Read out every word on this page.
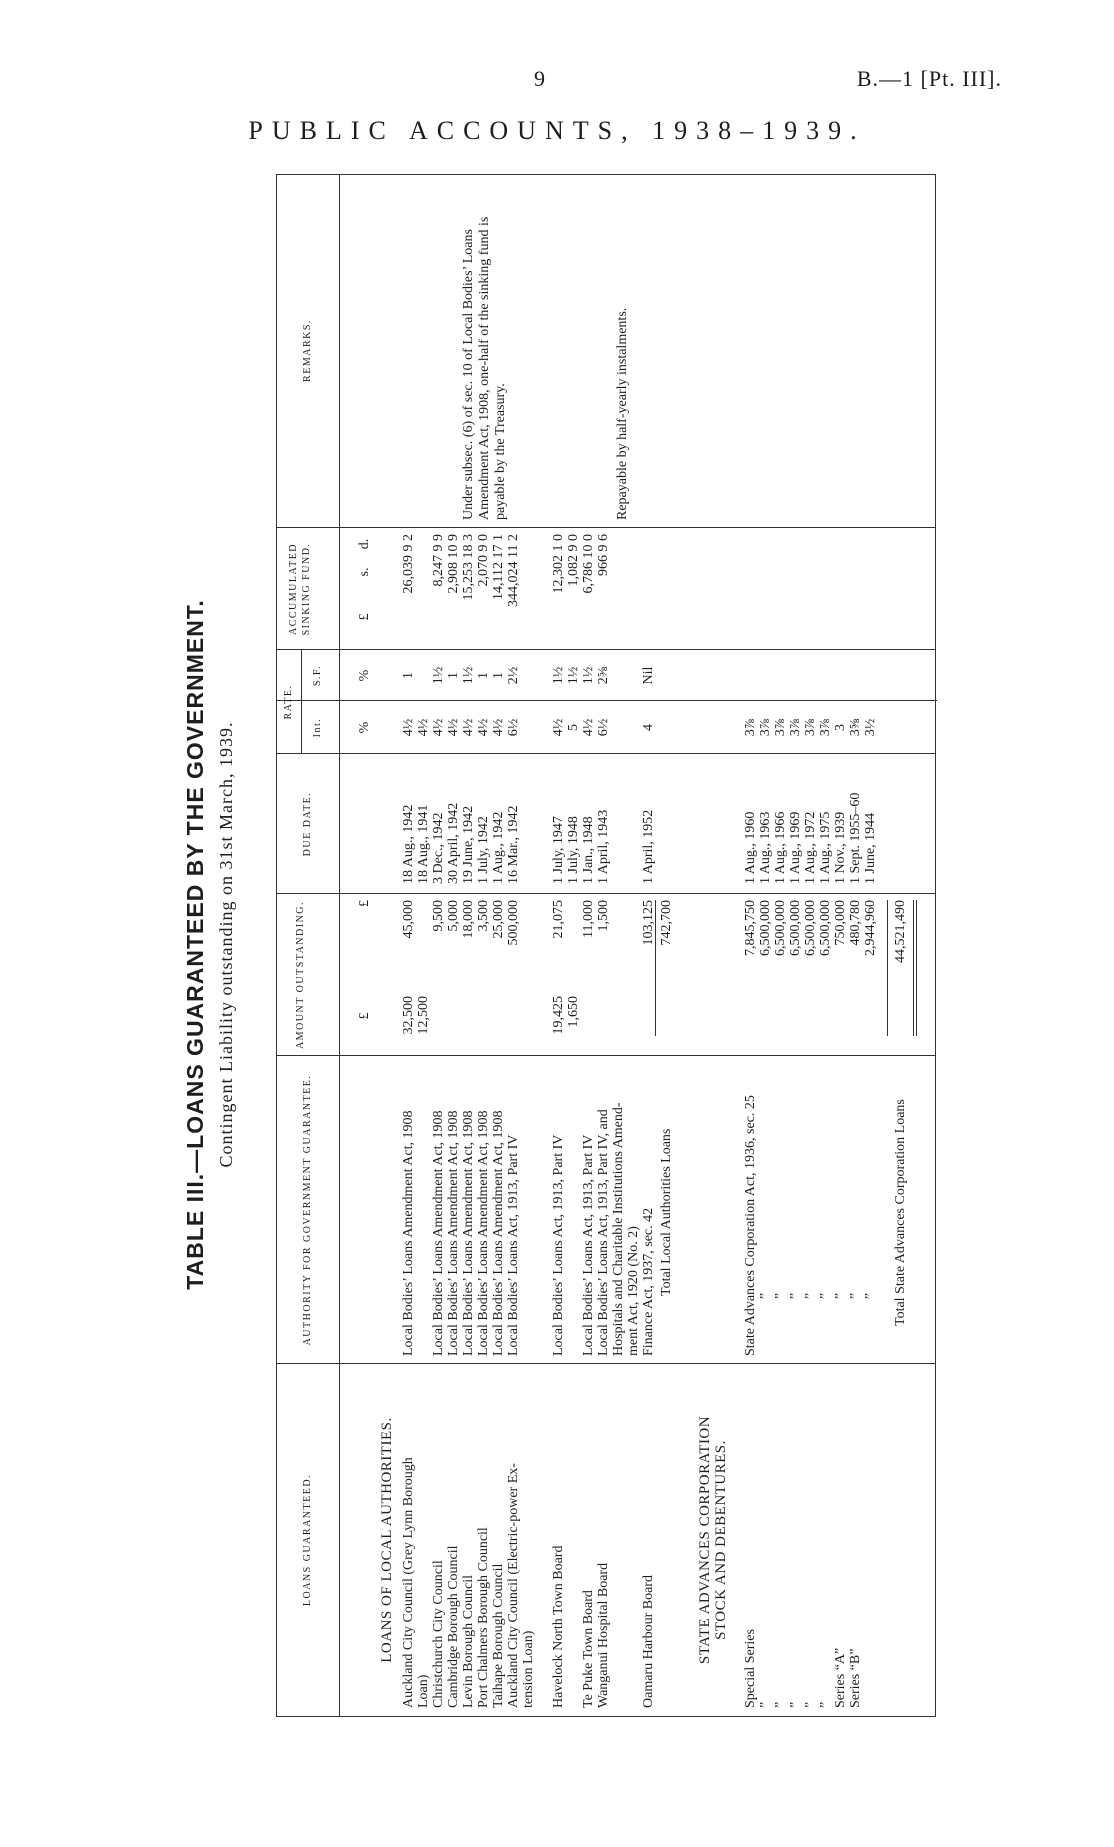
9	B.—1 [Pt. III].
PUBLIC ACCOUNTS, 1938–1939.
TABLE III.—LOANS GUARANTEED BY THE GOVERNMENT. Contingent Liability outstanding on 31st March, 1939.
LOANS GUARANTEED.
AUTHORITY FOR GOVERNMENT GUARANTEE.
AMOUNT OUTSTANDING.
DUE DATE.
RATE.
Int.
S.F.
ACCUMULATED SINKING FUND.
REMARKS.
£
£
%
%
£
s.
d.
LOANS OF LOCAL AUTHORITIES. Auckland City Council (Grey Lynn Borough
Local Bodies’ Loans Amendment Act, 1908
32,500
45,000
18 Aug., 1942
4½
1
26,039 9 2
Loan)
12,500
18 Aug., 1941
4½
Christchurch City Council
Local Bodies’ Loans Amendment Act, 1908
9,500
3 Dec., 1942
4½
1½
8,247 9 9
Cambridge Borough Council
Local Bodies’ Loans Amendment Act, 1908
5,000
30 April, 1942
4½
1
2,908 10 9
Levin Borough Council
Local Bodies’ Loans Amendment Act, 1908
18,000
19 June, 1942
4½
1½
15,253 18 3
Port Chalmers Borough Council
Local Bodies’ Loans Amendment Act, 1908
3,500
1 July, 1942
4½
1
2,070 9 0
Taihape Borough Council
Local Bodies’ Loans Amendment Act, 1908
25,000
1 Aug., 1942
4½
1
14,112 17 1
Auckland City Council (Electric-power Ex-
Local Bodies’ Loans Act, 1913, Part IV
500,000
16 Mar., 1942
6½
2½
344,024 11 2
tension Loan) Havelock North Town Board
Local Bodies’ Loans Act, 1913, Part IV
19,425
21,075
1 July, 1947
4½
1½
12,302 1 0
1,650
1 July, 1948
5
1½
1,082 9 0
Te Puke Town Board
Local Bodies’ Loans Act, 1913, Part IV
11,000
1 Jan., 1948
4½
1½
6,786 10 0
Wanganui Hospital Board
Local Bodies’ Loans Act, 1913, Part IV, and
1,500
1 April, 1943
6½
2⅝
966 9 6
Hospitals and Charitable Institutions Amend- ment Act, 1920 (No. 2)
Oamaru Harbour Board
Finance Act, 1937, sec. 42
103,125
1 April, 1952
4
Nil
Under subsec. (6) of sec. 10 of Local Bodies’ Loans Amendment Act, 1908, one-half of the sinking fund is payable by the Treasury.	Repayable by half-yearly instalments.
Total Local Authorities Loans
742,700
STATE ADVANCES CORPORATION STOCK AND DEBENTURES.
Special Series
State Advances Corporation Act, 1936, sec. 25
7,845,750
1 Aug., 1960
3⅞
”
”
6,500,000
1 Aug., 1963
3⅞
”
”
6,500,000
1 Aug., 1966
3⅞
”
”
6,500,000
1 Aug., 1969
3⅞
”
”
6,500,000
1 Aug., 1972
3⅞
”
”
6,500,000
1 Aug., 1975
3⅞
Series “A”
”
750,000
1 Nov., 1939
3
Series “B”
”
480,780
1 Sept. 1955–60
3⅝
”
2,944,960
1 June, 1944
3½
Total State Advances Corporation Loans
44,521,490
